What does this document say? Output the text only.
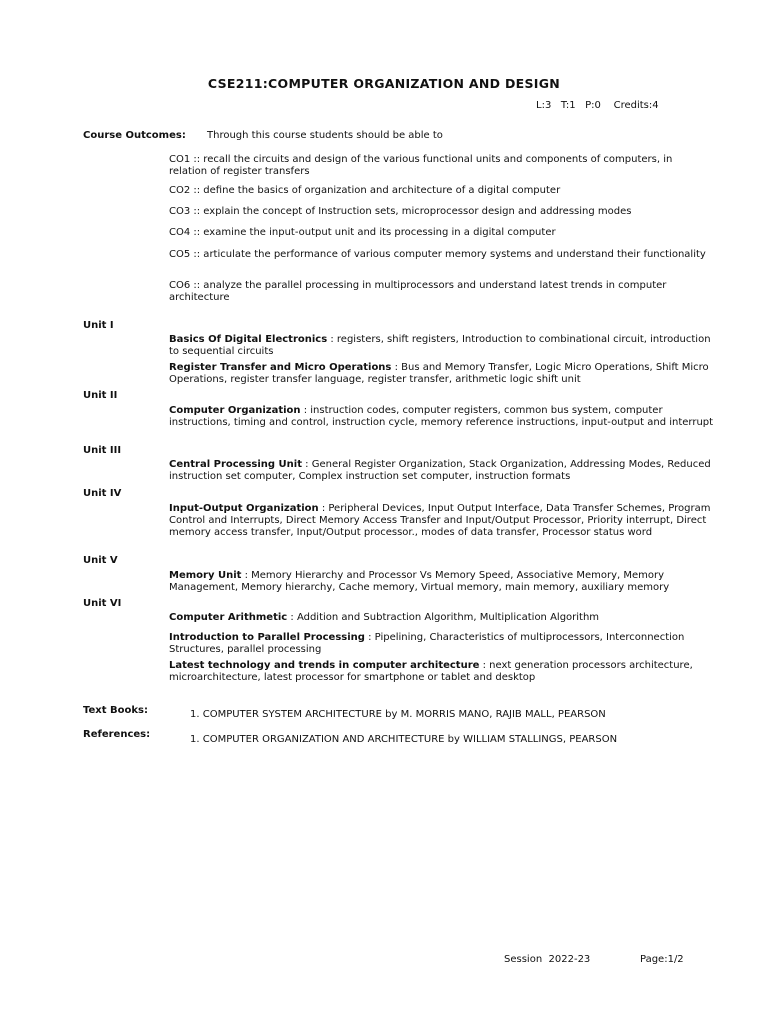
CSE211:COMPUTER ORGANIZATION AND DESIGN
L:3   T:1   P:0    Credits:4
Course Outcomes: Through this course students should be able to
CO1 :: recall the circuits and design of the various functional units and components of computers, in relation of register transfers
CO2 :: define the basics of organization and architecture of a digital computer
CO3 :: explain the concept of Instruction sets, microprocessor design and addressing modes
CO4 :: examine the input-output unit and its processing in a digital computer
CO5 :: articulate the performance of various computer memory systems and understand their functionality
CO6 :: analyze the parallel processing in multiprocessors and understand latest trends in computer architecture
Unit I
Basics Of Digital Electronics : registers, shift registers, Introduction to combinational circuit, introduction to sequential circuits
Register Transfer and Micro Operations : Bus and Memory Transfer, Logic Micro Operations, Shift Micro Operations, register transfer language, register transfer, arithmetic logic shift unit
Unit II
Computer Organization : instruction codes, computer registers, common bus system, computer instructions, timing and control, instruction cycle, memory reference instructions, input-output and interrupt
Unit III
Central Processing Unit : General Register Organization, Stack Organization, Addressing Modes, Reduced instruction set computer, Complex instruction set computer, instruction formats
Unit IV
Input-Output Organization : Peripheral Devices, Input Output Interface, Data Transfer Schemes, Program Control and Interrupts, Direct Memory Access Transfer and Input/Output Processor, Priority interrupt, Direct memory access transfer, Input/Output processor., modes of data transfer, Processor status word
Unit V
Memory Unit : Memory Hierarchy and Processor Vs Memory Speed, Associative Memory, Memory Management, Memory hierarchy, Cache memory, Virtual memory, main memory, auxiliary memory
Unit VI
Computer Arithmetic : Addition and Subtraction Algorithm, Multiplication Algorithm
Introduction to Parallel Processing : Pipelining, Characteristics of multiprocessors, Interconnection Structures, parallel processing
Latest technology and trends in computer architecture : next generation processors architecture, microarchitecture, latest processor for smartphone or tablet and desktop
Text Books:	1. COMPUTER SYSTEM ARCHITECTURE by M. MORRIS MANO, RAJIB MALL, PEARSON
References:	1. COMPUTER ORGANIZATION AND ARCHITECTURE by WILLIAM STALLINGS, PEARSON
Session  2022-23	Page:1/2
